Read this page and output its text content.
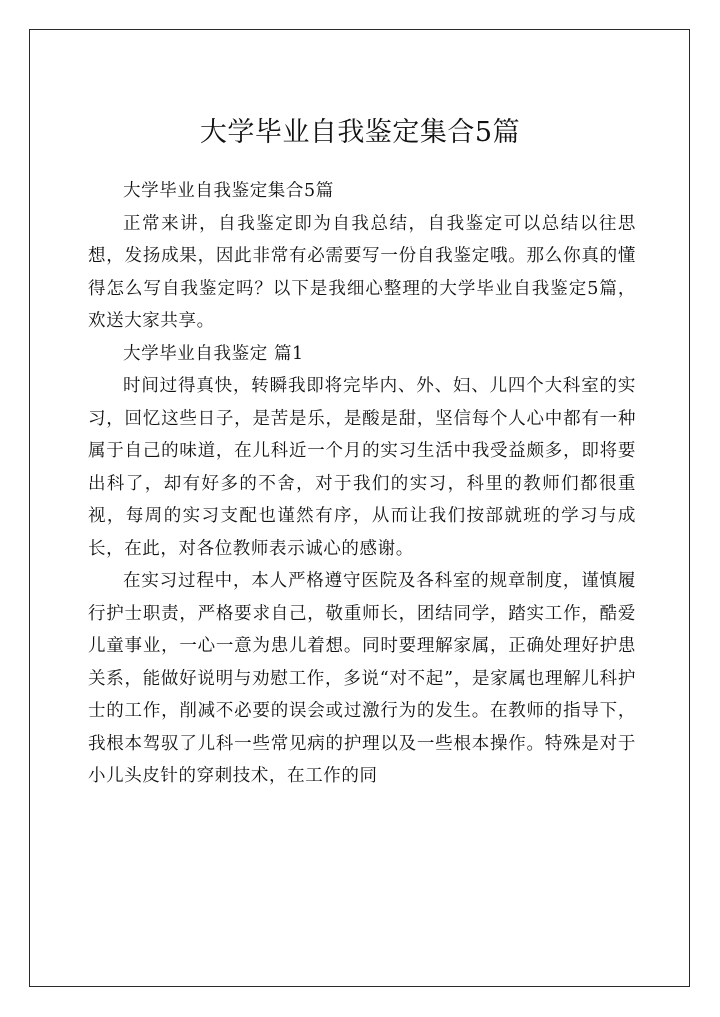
大学毕业自我鉴定集合5篇

大学毕业自我鉴定集合5篇

正常来讲，自我鉴定即为自我总结，自我鉴定可以总结以往思想，发扬成果，因此非常有必需要写一份自我鉴定哦。那么你真的懂得怎么写自我鉴定吗？以下是我细心整理的大学毕业自我鉴定5篇，欢送大家共享。

大学毕业自我鉴定 篇1

时间过得真快，转瞬我即将完毕内、外、妇、儿四个大科室的实习，回忆这些日子，是苦是乐，是酸是甜，坚信每个人心中都有一种属于自己的味道，在儿科近一个月的实习生活中我受益颇多，即将要出科了，却有好多的不舍，对于我们的实习，科里的教师们都很重视，每周的实习支配也谨然有序，从而让我们按部就班的学习与成长，在此，对各位教师表示诚心的感谢。

在实习过程中，本人严格遵守医院及各科室的规章制度，谨慎履行护士职责，严格要求自己，敬重师长，团结同学，踏实工作，酷爱儿童事业，一心一意为患儿着想。同时要理解家属，正确处理好护患关系，能做好说明与劝慰工作，多说“对不起”，是家属也理解儿科护士的工作，削减不必要的误会或过激行为的发生。在教师的指导下，我根本驾驭了儿科一些常见病的护理以及一些根本操作。特殊是对于小儿头皮针的穿刺技术，在工作的同
